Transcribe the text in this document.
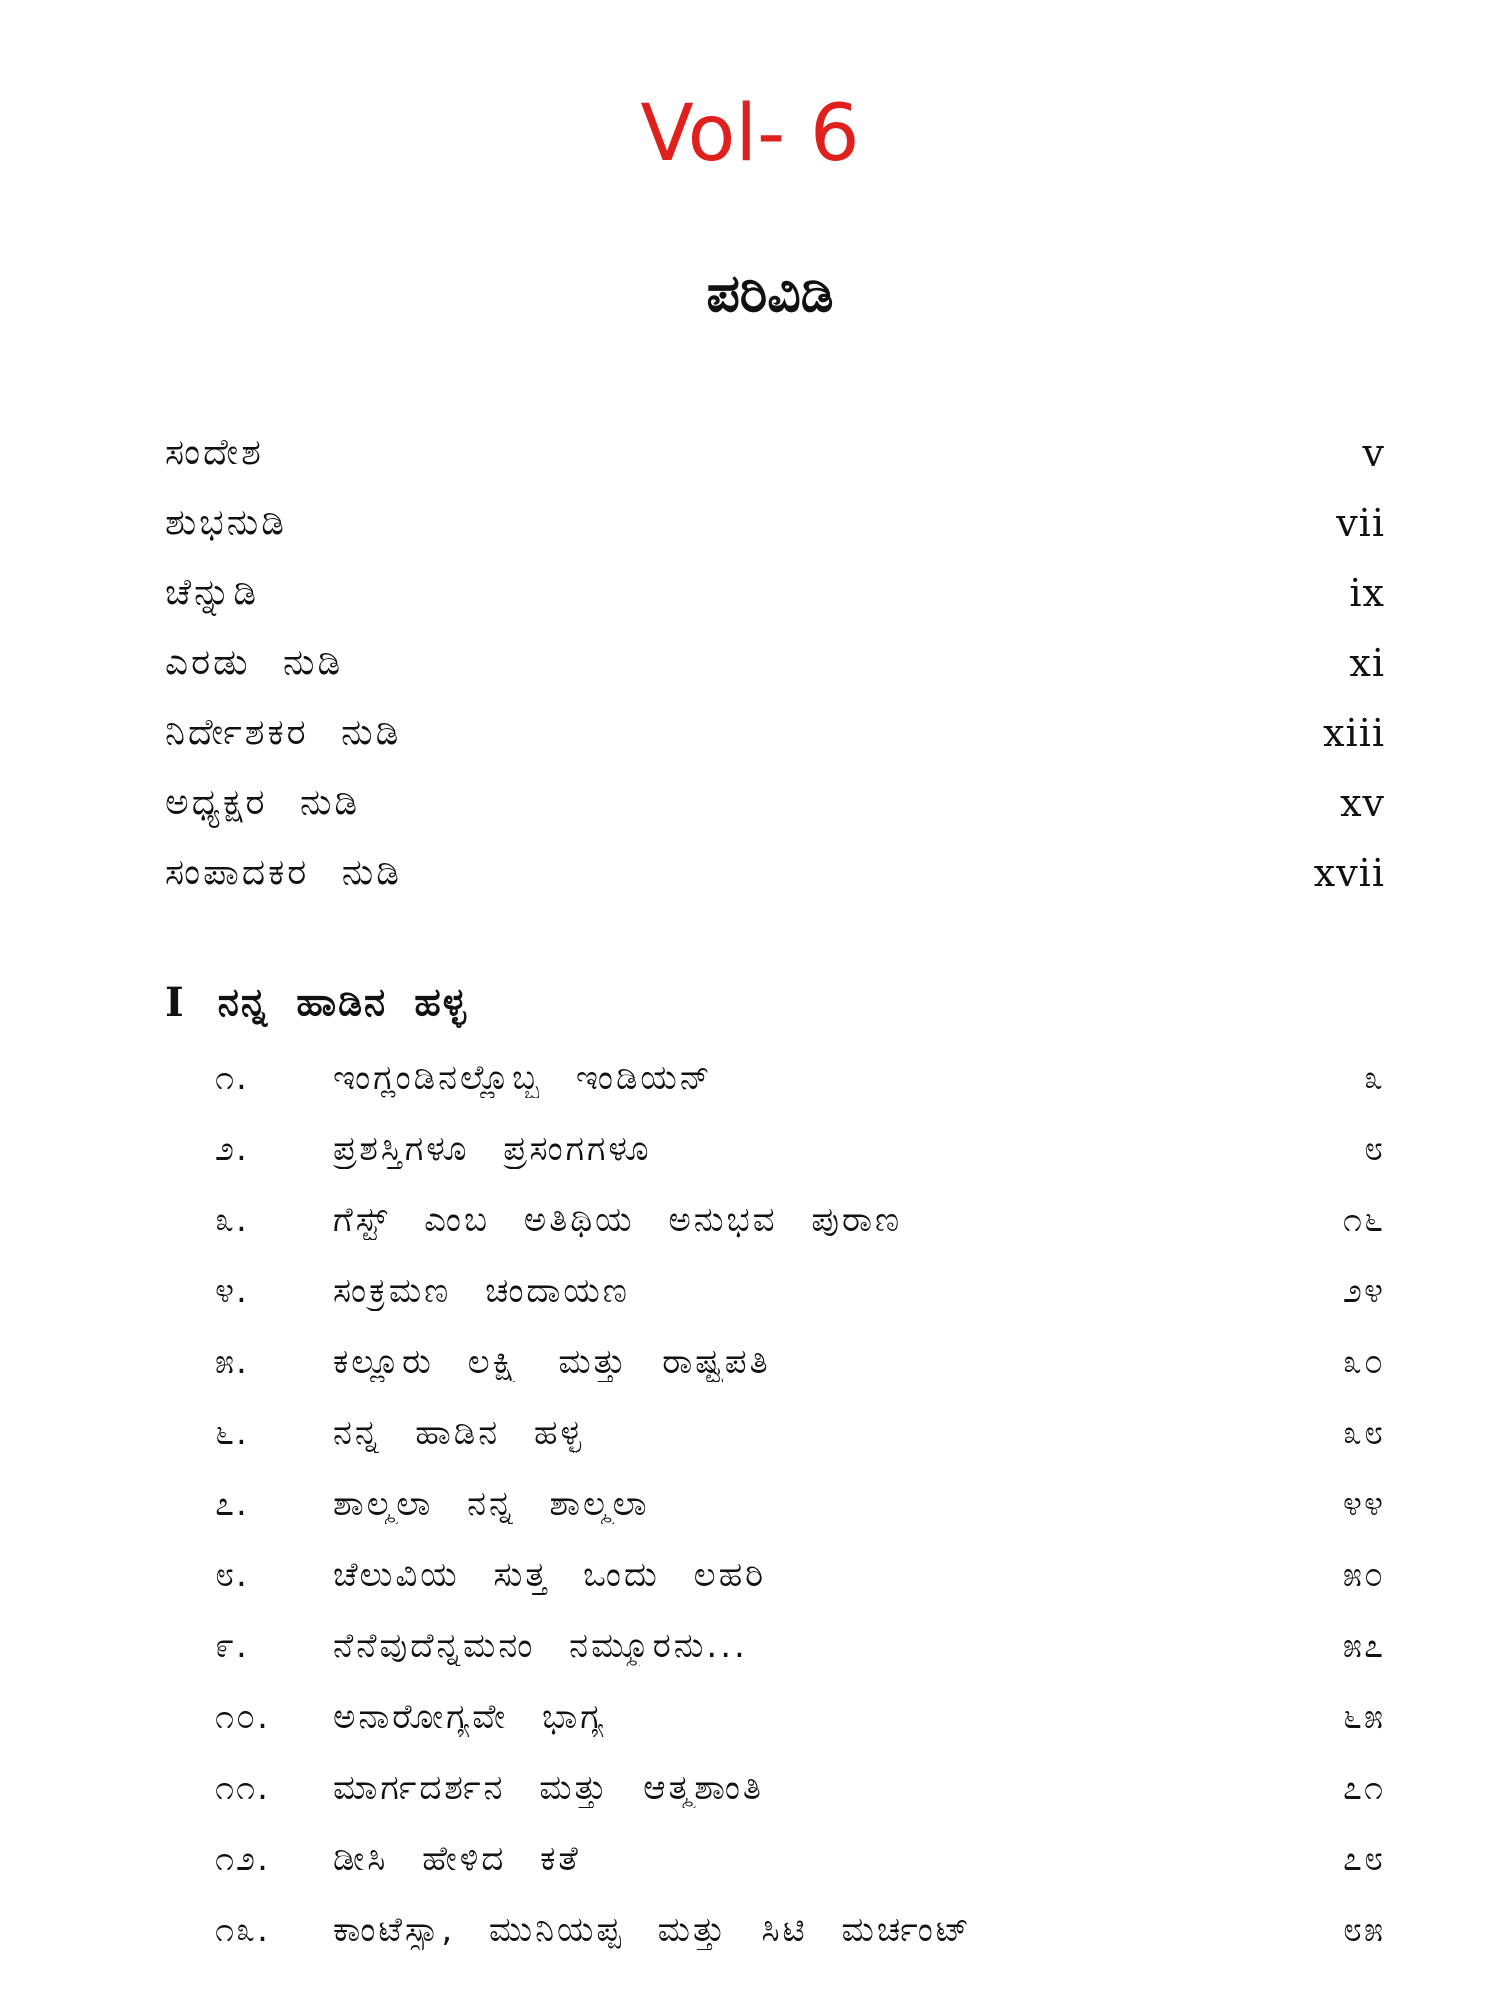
Vol- 6
ಪರಿವಿಡಿ
ಸಂದೇಶ	v
ಶುಭನುಡಿ	vii
ಚೆನ್ನುಡಿ	ix
ಎರಡು ನುಡಿ	xi
ನಿರ್ದೇಶಕರ ನುಡಿ	xiii
ಅಧ್ಯಕ್ಷರ ನುಡಿ	xv
ಸಂಪಾದಕರ ನುಡಿ	xvii
I ನನ್ನ ಹಾಡಿನ ಹಳ್ಳ
೧.	ಇಂಗ್ಲಂಡಿನಲ್ಲೊಬ್ಬ ಇಂಡಿಯನ್	೩
೨.	ಪ್ರಶಸ್ತಿಗಳೂ ಪ್ರಸಂಗಗಳೂ	೮
೩.	ಗೆಸ್ಟ್ ಎಂಬ ಅತಿಥಿಯ ಅನುಭವ ಪುರಾಣ	೧೬
೪.	ಸಂಕ್ರಮಣ ಚಂದಾಯಣ	೨೪
೫.	ಕಲ್ಲೂರು ಲಕ್ಷ್ಮಿ ಮತ್ತು ರಾಷ್ಟ್ರಪತಿ	೩೦
೬.	ನನ್ನ ಹಾಡಿನ ಹಳ್ಳ	೩೮
೭.	ಶಾಲ್ಮಲಾ ನನ್ನ ಶಾಲ್ಮಲಾ	೪೪
೮.	ಚೆಲುವಿಯ ಸುತ್ತ ಒಂದು ಲಹರಿ	೫೦
೯.	ನೆನೆವುದೆನ್ನಮನಂ ನಮ್ಮೂರನು...	೫೭
೧೦.	ಅನಾರೋಗ್ಯವೇ ಭಾಗ್ಯ	೬೫
೧೧.	ಮಾರ್ಗದರ್ಶನ ಮತ್ತು ಆತ್ಮಶಾಂತಿ	೭೧
೧೨.	ಡೀಸಿ ಹೇಳಿದ ಕತೆ	೭೮
೧೩.	ಕಾಂಟೆಸ್ಸಾ, ಮುನಿಯಪ್ಪ ಮತ್ತು ಸಿಟಿ ಮರ್ಚಂಟ್	೮೫
